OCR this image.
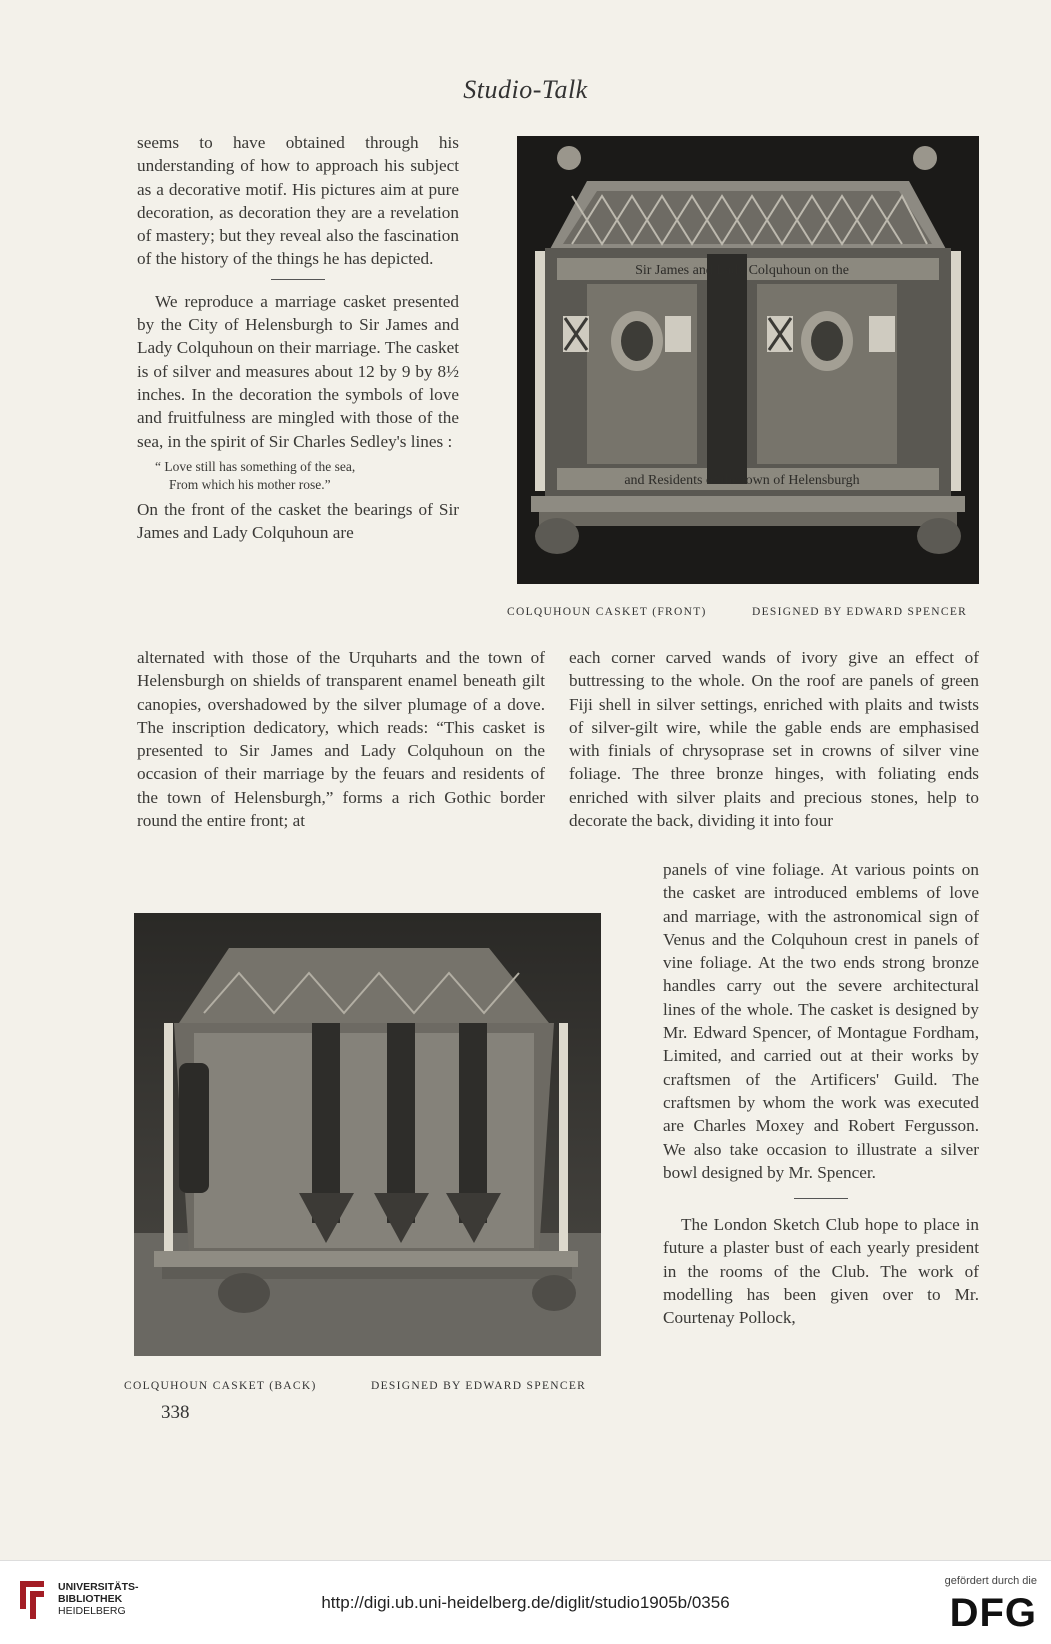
Studio-Talk

seems to have obtained through his understanding of how to approach his subject as a decorative motif. His pictures aim at pure decoration, as decoration they are a revelation of mastery; but they reveal also the fascination of the history of the things he has depicted.

We reproduce a marriage casket presented by the City of Helensburgh to Sir James and Lady Colquhoun on their marriage. The casket is of silver and measures about 12 by 9 by 8½ inches. In the decoration the symbols of love and fruitfulness are mingled with those of the sea, in the spirit of Sir Charles Sedley's lines :

“ Love still has something of the sea,
From which his mother rose.”

On the front of the casket the bearings of Sir James and Lady Colquhoun are

Sir James and Lady Colquhoun on the
and Residents of the town of Helensburgh
COLQUHOUN CASKET (FRONT)	DESIGNED BY EDWARD SPENCER

alternated with those of the Urquharts and the town of Helensburgh on shields of transparent enamel beneath gilt canopies, overshadowed by the silver plumage of a dove. The inscription dedicatory, which reads: “This casket is presented to Sir James and Lady Colquhoun on the occasion of their marriage by the feuars and residents of the town of Helensburgh,” forms a rich Gothic border round the entire front; at

each corner carved wands of ivory give an effect of buttressing to the whole. On the roof are panels of green Fiji shell in silver settings, enriched with plaits and twists of silver-gilt wire, while the gable ends are emphasised with finials of chrysoprase set in crowns of silver vine foliage. The three bronze hinges, with foliating ends enriched with silver plaits and precious stones, help to decorate the back, dividing it into four

COLQUHOUN CASKET (BACK)	DESIGNED BY EDWARD SPENCER

panels of vine foliage. At various points on the casket are introduced emblems of love and marriage, with the astronomical sign of Venus and the Colquhoun crest in panels of vine foliage. At the two ends strong bronze handles carry out the severe architectural lines of the whole. The casket is designed by Mr. Edward Spencer, of Montague Fordham, Limited, and carried out at their works by craftsmen of the Artificers' Guild. The craftsmen by whom the work was executed are Charles Moxey and Robert Fergusson. We also take occasion to illustrate a silver bowl designed by Mr. Spencer.

The London Sketch Club hope to place in future a plaster bust of each yearly president in the rooms of the Club. The work of modelling has been given over to Mr. Courtenay Pollock,

338
UNIVERSITÄTS-
BIBLIOTHEK
HEIDELBERG	http://digi.ub.uni-heidelberg.de/diglit/studio1905b/0356
gefördert durch die
DFG
